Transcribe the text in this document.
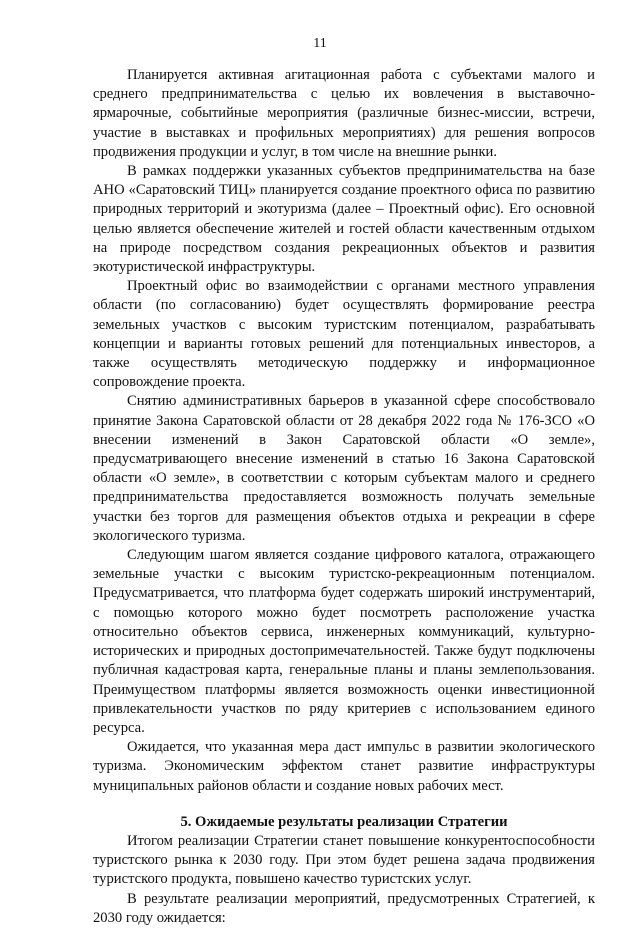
11

Планируется активная агитационная работа с субъектами малого и среднего предпринимательства с целью их вовлечения в выставочно-ярмарочные, событийные мероприятия (различные бизнес-миссии, встречи, участие в выставках и профильных мероприятиях) для решения вопросов продвижения продукции и услуг, в том числе на внешние рынки.

В рамках поддержки указанных субъектов предпринимательства на базе АНО «Саратовский ТИЦ» планируется создание проектного офиса по развитию природных территорий и экотуризма (далее – Проектный офис). Его основной целью является обеспечение жителей и гостей области качественным отдыхом на природе посредством создания рекреационных объектов и развития экотуристической инфраструктуры.

Проектный офис во взаимодействии с органами местного управления области (по согласованию) будет осуществлять формирование реестра земельных участков с высоким туристским потенциалом, разрабатывать концепции и варианты готовых решений для потенциальных инвесторов, а также осуществлять методическую поддержку и информационное сопровождение проекта.

Снятию административных барьеров в указанной сфере способствовало принятие Закона Саратовской области от 28 декабря 2022 года № 176-ЗСО «О внесении изменений в Закон Саратовской области «О земле», предусматривающего внесение изменений в статью 16 Закона Саратовской области «О земле», в соответствии с которым субъектам малого и среднего предпринимательства предоставляется возможность получать земельные участки без торгов для размещения объектов отдыха и рекреации в сфере экологического туризма.

Следующим шагом является создание цифрового каталога, отражающего земельные участки с высоким туристско-рекреационным потенциалом. Предусматривается, что платформа будет содержать широкий инструментарий, с помощью которого можно будет посмотреть расположение участка относительно объектов сервиса, инженерных коммуникаций, культурно-исторических и природных достопримечательностей. Также будут подключены публичная кадастровая карта, генеральные планы и планы землепользования. Преимуществом платформы является возможность оценки инвестиционной привлекательности участков по ряду критериев с использованием единого ресурса.

Ожидается, что указанная мера даст импульс в развитии экологического туризма. Экономическим эффектом станет развитие инфраструктуры муниципальных районов области и создание новых рабочих мест.

5. Ожидаемые результаты реализации Стратегии

Итогом реализации Стратегии станет повышение конкурентоспособности туристского рынка к 2030 году. При этом будет решена задача продвижения туристского продукта, повышено качество туристских услуг.

В результате реализации мероприятий, предусмотренных Стратегией, к 2030 году ожидается:
